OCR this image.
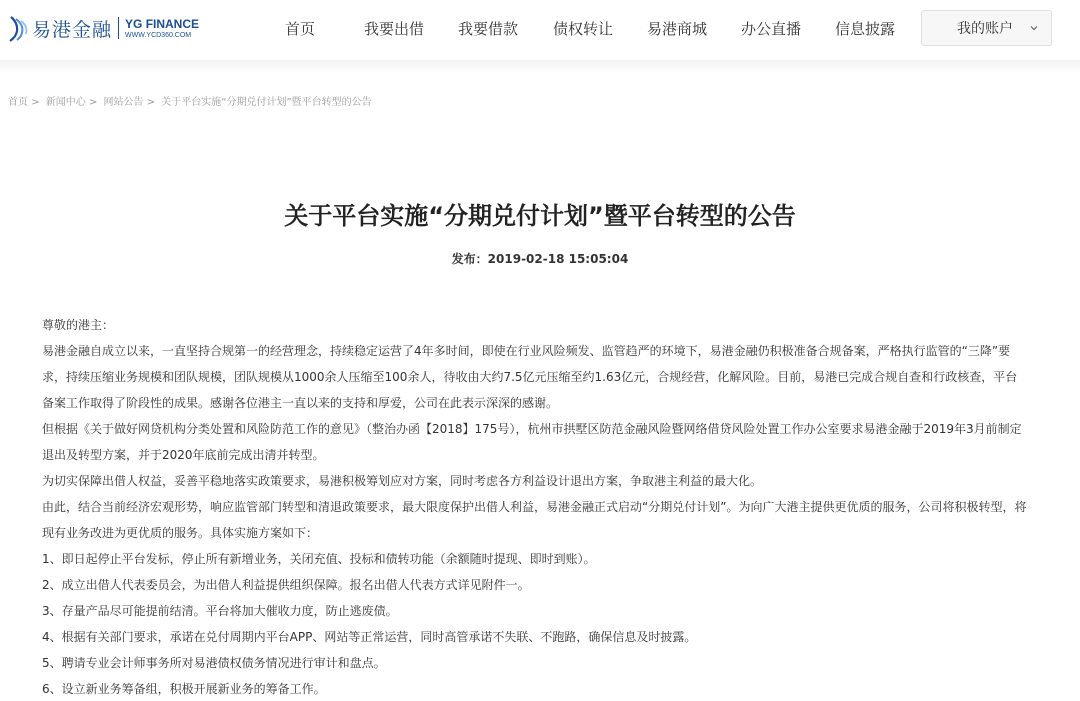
易港金融 YG FINANCE
WWW.YCD360.COM	首页	我要出借 我要借款 债权转让 易港商城 办公直播 信息披露	我的账户
首页 > 新闻中心 > 网站公告 > 关于平台实施“分期兑付计划”暨平台转型的公告
关于平台实施“分期兑付计划”暨平台转型的公告
发布：2019-02-18 15:05:04

尊敬的港主：

易港金融自成立以来，一直坚持合规第一的经营理念，持续稳定运营了4年多时间，即使在行业风险频发、监管趋严的环境下，易港金融仍积极准备合规备案，严格执行监管的“三降”要求，持续压缩业务规模和团队规模，团队规模从1000余人压缩至100余人，待收由大约7.5亿元压缩至约1.63亿元，合规经营，化解风险。目前，易港已完成合规自查和行政核查，平台备案工作取得了阶段性的成果。感谢各位港主一直以来的支持和厚爱，公司在此表示深深的感谢。

但根据《关于做好网贷机构分类处置和风险防范工作的意见》（整治办函【2018】175号），杭州市拱墅区防范金融风险暨网络借贷风险处置工作办公室要求易港金融于2019年3月前制定退出及转型方案，并于2020年底前完成出清并转型。

为切实保障出借人权益，妥善平稳地落实政策要求，易港积极筹划应对方案，同时考虑各方利益设计退出方案，争取港主利益的最大化。

由此，结合当前经济宏观形势，响应监管部门转型和清退政策要求，最大限度保护出借人利益，易港金融正式启动“分期兑付计划”。为向广大港主提供更优质的服务，公司将积极转型，将现有业务改进为更优质的服务。具体实施方案如下：

1、即日起停止平台发标，停止所有新增业务，关闭充值、投标和债转功能（余额随时提现、即时到账）。

2、成立出借人代表委员会，为出借人利益提供组织保障。报名出借人代表方式详见附件一。

3、存量产品尽可能提前结清。平台将加大催收力度，防止逃废债。

4、根据有关部门要求，承诺在兑付周期内平台APP、网站等正常运营，同时高管承诺不失联、不跑路，确保信息及时披露。

5、聘请专业会计师事务所对易港债权债务情况进行审计和盘点。

6、设立新业务筹备组，积极开展新业务的筹备工作。
